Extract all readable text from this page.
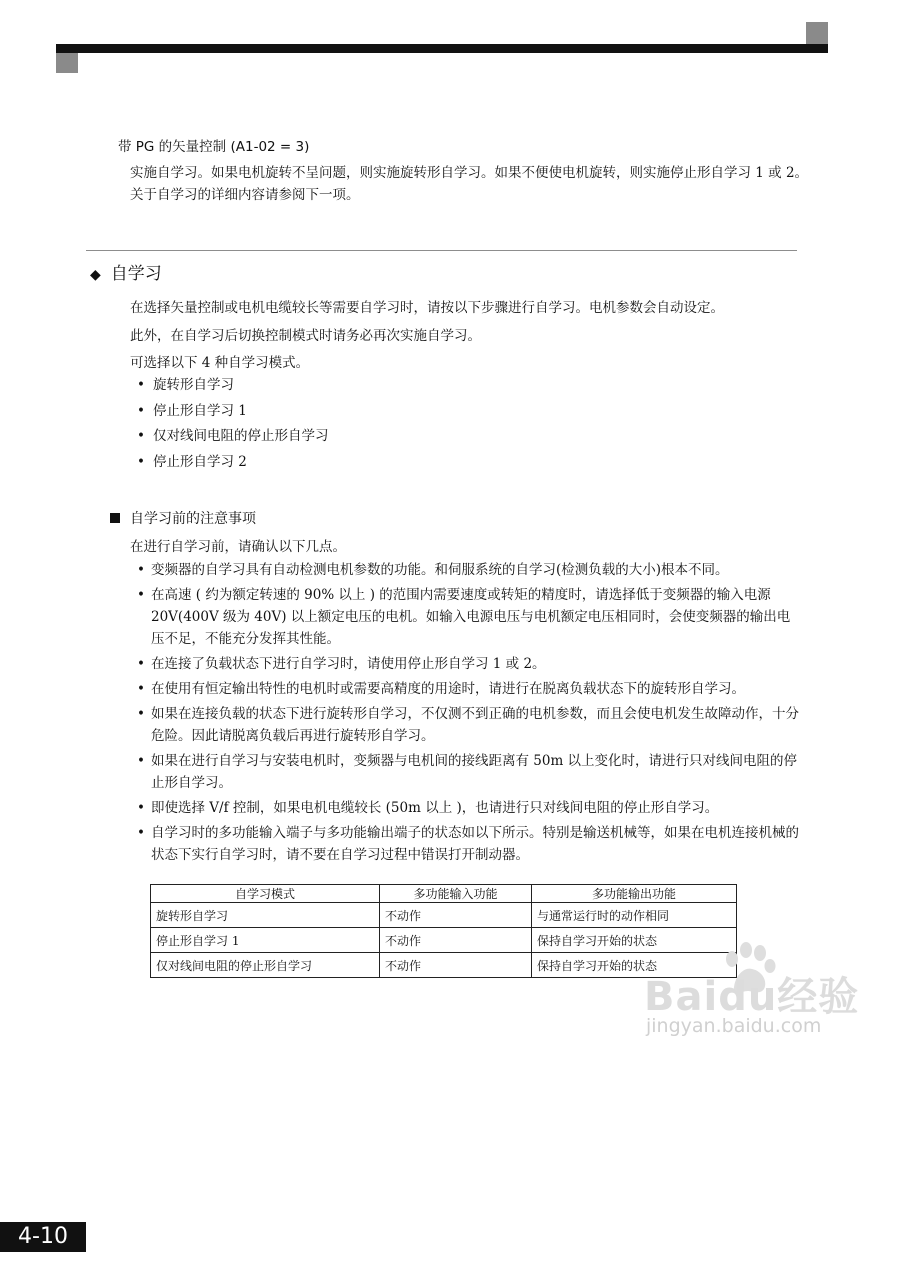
带 PG 的矢量控制 (A1-02 = 3)
实施自学习。如果电机旋转不呈问题，则实施旋转形自学习。如果不便使电机旋转，则实施停止形自学习 1 或 2。关于自学习的详细内容请参阅下一项。
◆ 自学习
在选择矢量控制或电机电缆较长等需要自学习时，请按以下步骤进行自学习。电机参数会自动设定。
此外，在自学习后切换控制模式时请务必再次实施自学习。
可选择以下 4 种自学习模式。
• 旋转形自学习
• 停止形自学习 1
• 仅对线间电阻的停止形自学习
• 停止形自学习 2
自学习前的注意事项
在进行自学习前，请确认以下几点。
• 变频器的自学习具有自动检测电机参数的功能。和伺服系统的自学习(检测负载的大小)根本不同。
• 在高速 ( 约为额定转速的 90% 以上 ) 的范围内需要速度或转矩的精度时，请选择低于变频器的输入电源 20V(400V 级为 40V) 以上额定电压的电机。如输入电源电压与电机额定电压相同时，会使变频器的输出电压不足，不能充分发挥其性能。
• 在连接了负载状态下进行自学习时，请使用停止形自学习 1 或 2。
• 在使用有恒定输出特性的电机时或需要高精度的用途时，请进行在脱离负载状态下的旋转形自学习。
• 如果在连接负载的状态下进行旋转形自学习，不仅测不到正确的电机参数，而且会使电机发生故障动作，十分危险。因此请脱离负载后再进行旋转形自学习。
• 如果在进行自学习与安装电机时，变频器与电机间的接线距离有 50m 以上变化时，请进行只对线间电阻的停止形自学习。
• 即使选择 V/f 控制，如果电机电缆较长 (50m 以上 )，也请进行只对线间电阻的停止形自学习。
• 自学习时的多功能输入端子与多功能输出端子的状态如以下所示。特别是输送机械等，如果在电机连接机械的状态下实行自学习时，请不要在自学习过程中错误打开制动器。
自学习模式	多功能输入功能	多功能输出功能
旋转形自学习	不动作	与通常运行时的动作相同
停止形自学习 1	不动作	保持自学习开始的状态
仅对线间电阻的停止形自学习	不动作	保持自学习开始的状态
Baidu经验
jingyan.baidu.com
4-10
